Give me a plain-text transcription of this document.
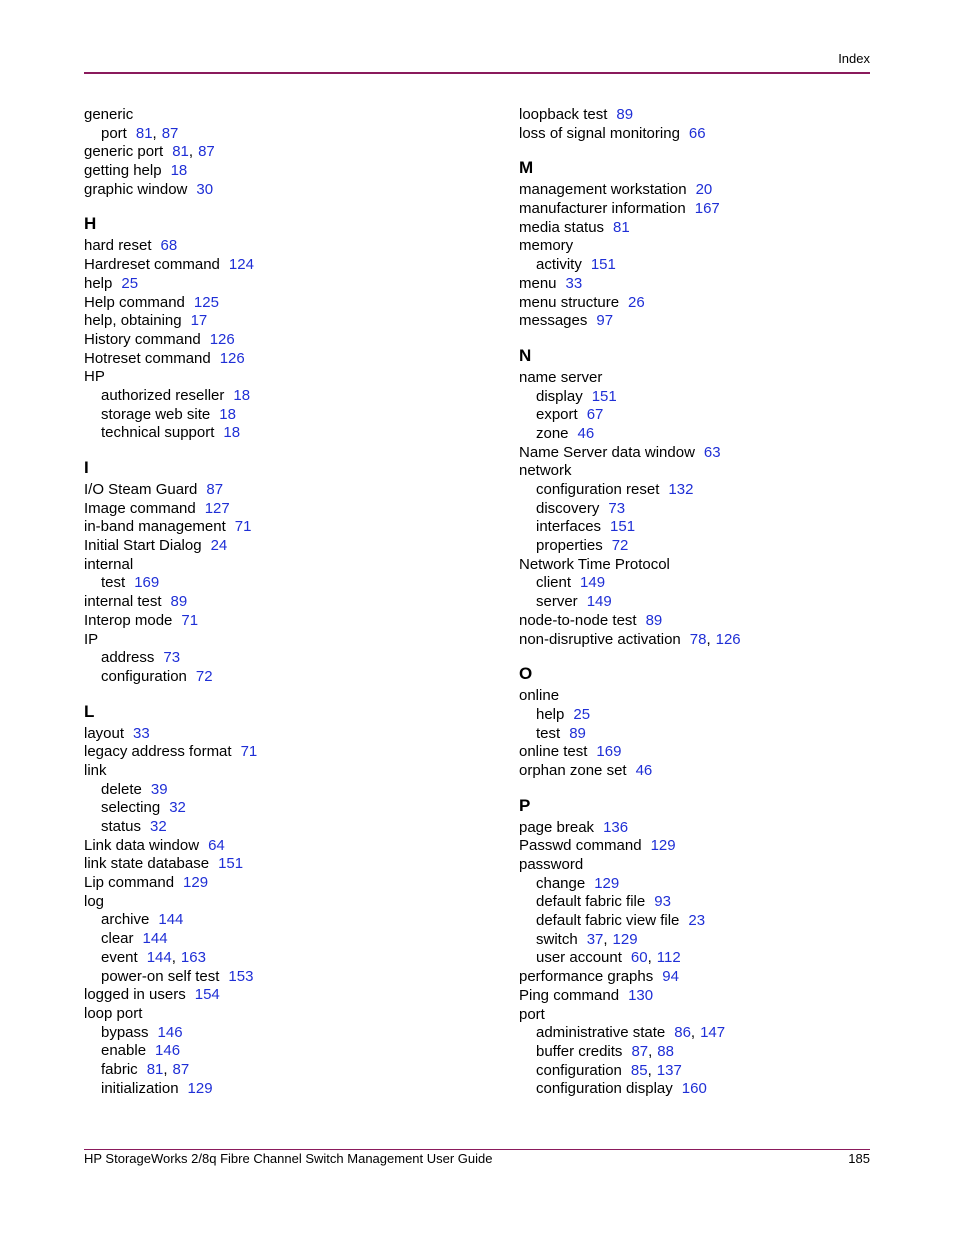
Index
generic
port 81, 87
generic port 81, 87
getting help 18
graphic window 30
H
hard reset 68
Hardreset command 124
help 25
Help command 125
help, obtaining 17
History command 126
Hotreset command 126
HP
authorized reseller 18
storage web site 18
technical support 18
I
I/O Steam Guard 87
Image command 127
in-band management 71
Initial Start Dialog 24
internal
test 169
internal test 89
Interop mode 71
IP
address 73
configuration 72
L
layout 33
legacy address format 71
link
delete 39
selecting 32
status 32
Link data window 64
link state database 151
Lip command 129
log
archive 144
clear 144
event 144, 163
power-on self test 153
logged in users 154
loop port
bypass 146
enable 146
fabric 81, 87
initialization 129
loopback test 89
loss of signal monitoring 66
M
management workstation 20
manufacturer information 167
media status 81
memory
activity 151
menu 33
menu structure 26
messages 97
N
name server
display 151
export 67
zone 46
Name Server data window 63
network
configuration reset 132
discovery 73
interfaces 151
properties 72
Network Time Protocol
client 149
server 149
node-to-node test 89
non-disruptive activation 78, 126
O
online
help 25
test 89
online test 169
orphan zone set 46
P
page break 136
Passwd command 129
password
change 129
default fabric file 93
default fabric view file 23
switch 37, 129
user account 60, 112
performance graphs 94
Ping command 130
port
administrative state 86, 147
buffer credits 87, 88
configuration 85, 137
configuration display 160
HP StorageWorks 2/8q Fibre Channel Switch Management User Guide	185
